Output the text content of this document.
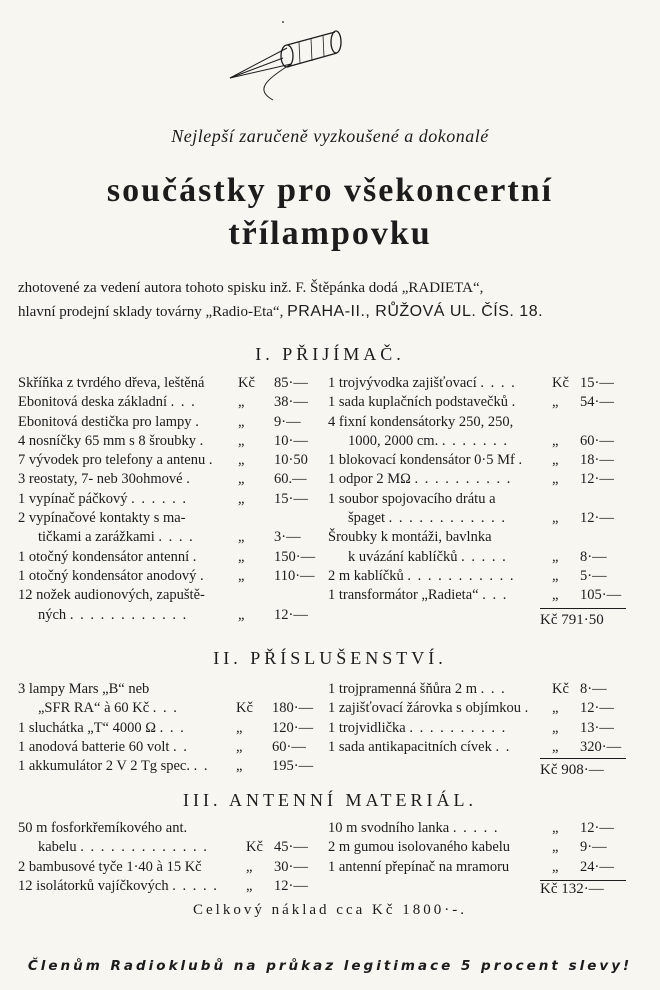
Nejlepší zaručeně vyzkoušené a dokonalé
součástky pro všekoncertní
třílampovku
zhotovené za vedení autora tohoto spisku inž. F. Štěpánka dodá „RADIETA“,
hlavní prodejní sklady továrny „Radio-Eta“, PRAHA-II., RŮŽOVÁ UL. ČÍS. 18.
I. PŘIJÍMAČ.
Skříňka z tvrdého dřeva, leštěná Kč 85·—
Ebonitová deska základní . . .	„ 38·—
Ebonitová destička pro lampy .	„ 9·—
4 nosníčky 65 mm s 8 šroubky . „ 10·—
7 vývodek pro telefony a antenu . „ 10·50
3 reostaty, 7- neb 30ohmové .	„ 60.—
1 vypínač páčkový . . . . . .	„ 15·—
2 vypínačové kontakty s ma-
tičkami a zarážkami . . . .	„ 3·—
1 otočný kondensátor antenní .	„ 150·—
1 otočný kondensátor anodový . „ 110·—
12 nožek audionových, zapuště-
ných . . . . . . . . . . . .	„ 12·—
1 trojvývodka zajišťovací . . . . Kč 15·—
1 sada kuplačních podstavečků . „ 54·—
4 fixní kondensátorky 250, 250,
1000, 2000 cm. . . . . . . .	„ 60·—
1 blokovací kondensátor 0·5 Mf . „ 18·—
1 odpor 2 MΩ . . . . . . . . . .	„ 12·—
1 soubor spojovacího drátu a
špaget . . . . . . . . . . . .	„ 12·—
Šroubky k montáži, bavlnka
k uvázání kablíčků . . . . .	„ 8·—
2 m kablíčků . . . . . . . . . . .	„ 5·—
1 transformátor „Radieta“ . . .	„ 105·—
Kč 791·50
II. PŘÍSLUŠENSTVÍ.
3 lampy Mars „B“ neb
„SFR RA“ à 60 Kč . . .	Kč 180·—
1 sluchátka „T“ 4000 Ω . . .	„ 120·—
1 anodová batterie 60 volt . .	„ 60·—
1 akkumulátor 2 V 2 Tg spec. . . „ 195·—
1 trojpramenná šňůra 2 m . . .	Kč 8·—
1 zajišťovací žárovka s objímkou . „ 12·—
1 trojvidlička . . . . . . . . . .	„ 13·—
1 sada antikapacitních cívek . .	„ 320·—
Kč 908·—
III. ANTENNÍ MATERIÁL.
50 m fosforkřemíkového ant.
kabelu . . . . . . . . . . . . .	Kč 45·—
2 bambusové tyče 1·40 à 15 Kč	„ 30·—
12 isolátorků vajíčkových . . . . . „ 12·—
10 m svodního lanka . . . . .	„ 12·—
2 m gumou isolovaného kabelu	„ 9·—
1 antenní přepínač na mramoru	„ 24·—
Kč 132·—
Celkový náklad cca Kč 1800·-.
Členům Radioklubů na průkaz legitimace 5 procent slevy!
